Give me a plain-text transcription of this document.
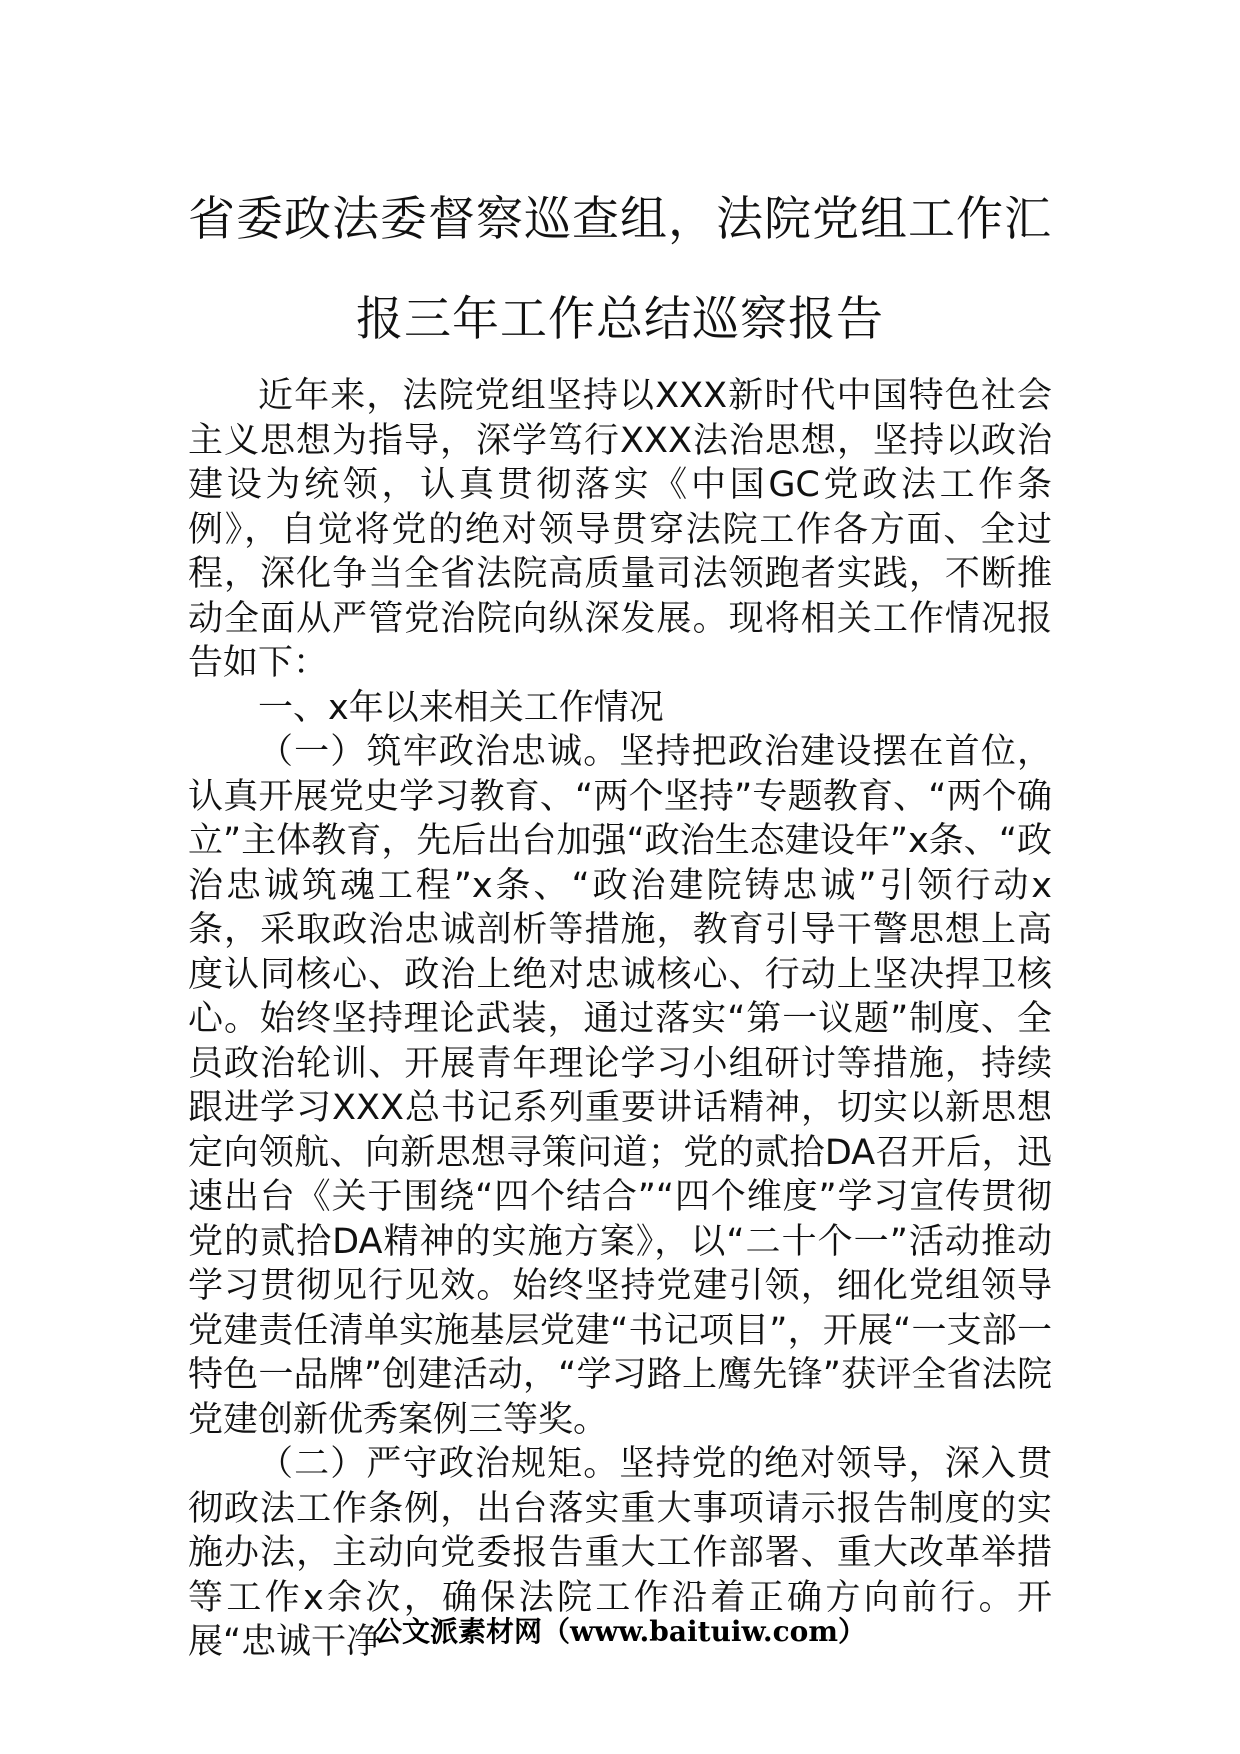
省委政法委督察巡查组，法院党组工作汇
报三年工作总结巡察报告

近年来，法院党组坚持以XXX新时代中国特色社会主义思想为指导，深学笃行XXX法治思想，坚持以政治建设为统领，认真贯彻落实《中国GC党政法工作条例》，自觉将党的绝对领导贯穿法院工作各方面、全过程，深化争当全省法院高质量司法领跑者实践，不断推动全面从严管党治院向纵深发展。现将相关工作情况报告如下：

一、x年以来相关工作情况

（一）筑牢政治忠诚。坚持把政治建设摆在首位，认真开展党史学习教育、“两个坚持”专题教育、“两个确立”主体教育，先后出台加强“政治生态建设年”x条、“政治忠诚筑魂工程”x条、“政治建院铸忠诚”引领行动x条，采取政治忠诚剖析等措施，教育引导干警思想上高度认同核心、政治上绝对忠诚核心、行动上坚决捍卫核心。始终坚持理论武装，通过落实“第一议题”制度、全员政治轮训、开展青年理论学习小组研讨等措施，持续跟进学习XXX总书记系列重要讲话精神，切实以新思想定向领航、向新思想寻策问道；党的贰拾DA召开后，迅速出台《关于围绕“四个结合”“四个维度”学习宣传贯彻党的贰拾DA精神的实施方案》，以“二十个一”活动推动学习贯彻见行见效。始终坚持党建引领，细化党组领导党建责任清单实施基层党建“书记项目”，开展“一支部一特色一品牌”创建活动，“学习路上鹰先锋”获评全省法院党建创新优秀案例三等奖。

（二）严守政治规矩。坚持党的绝对领导，深入贯彻政法工作条例，出台落实重大事项请示报告制度的实施办法，主动向党委报告重大工作部署、重大改革举措等工作x余次，确保法院工作沿着正确方向前行。开展“忠诚干净

公文派素材网（www.baituiw.com）
